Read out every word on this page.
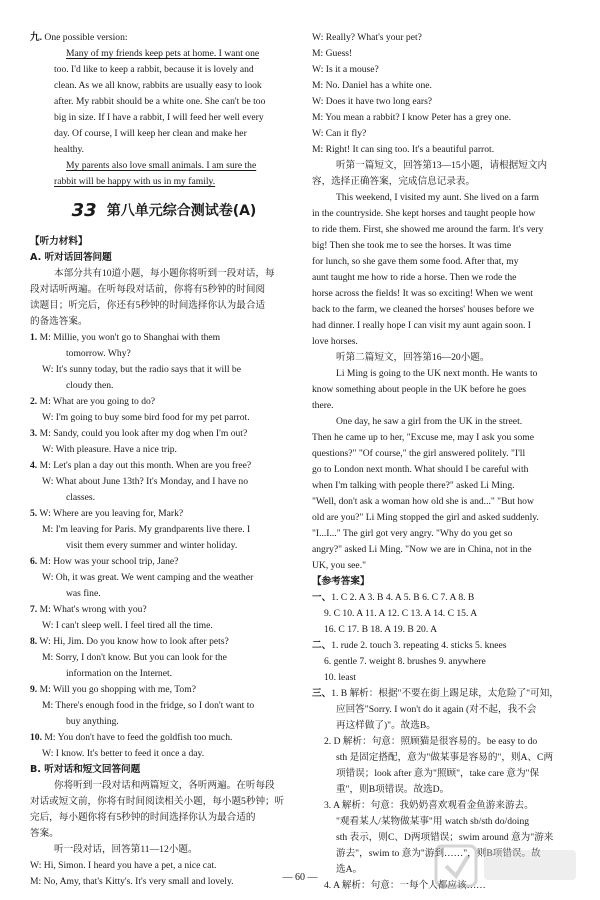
九. One possible version:
Many of my friends keep pets at home. I want one
too. I'd like to keep a rabbit, because it is lovely and
clean. As we all know, rabbits are usually easy to look
after. My rabbit should be a white one. She can't be too
big in size. If I have a rabbit, I will feed her well every
day. Of course, I will keep her clean and make her
healthy.
My parents also love small animals. I am sure the
rabbit will be happy with us in my family.
33 第八单元综合测试卷(A)
【听力材料】
A. 听对话回答问题
本部分共有10道小题，每小题你将听到一段对话，每
段对话听两遍。在听每段对话前，你将有5秒钟的时间阅
读题目；听完后，你还有5秒钟的时间选择你认为最合适
的备选答案。
1. M: Millie, you won't go to Shanghai with them
tomorrow. Why?
W: It's sunny today, but the radio says that it will be
cloudy then.
2. M: What are you going to do?
W: I'm going to buy some bird food for my pet parrot.
3. M: Sandy, could you look after my dog when I'm out?
W: With pleasure. Have a nice trip.
4. M: Let's plan a day out this month. When are you free?
W: What about June 13th? It's Monday, and I have no
classes.
5. W: Where are you leaving for, Mark?
M: I'm leaving for Paris. My grandparents live there. I
visit them every summer and winter holiday.
6. M: How was your school trip, Jane?
W: Oh, it was great. We went camping and the weather
was fine.
7. M: What's wrong with you?
W: I can't sleep well. I feel tired all the time.
8. W: Hi, Jim. Do you know how to look after pets?
M: Sorry, I don't know. But you can look for the
information on the Internet.
9. M: Will you go shopping with me, Tom?
M: There's enough food in the fridge, so I don't want to
buy anything.
10. M: You don't have to feed the goldfish too much.
W: I know. It's better to feed it once a day.
B. 听对话和短文回答问题
你将听到一段对话和两篇短文，各听两遍。在听每段
对话或短文前，你将有时间阅读相关小题，每小题5秒钟；听
完后，每小题你将有5秒钟的时间选择你认为最合适的
答案。
听一段对话，回答第11—12小题。
W: Hi, Simon. I heard you have a pet, a nice cat.
M: No, Amy, that's Kitty's. It's very small and lovely.
W: Really? What's your pet?
M: Guess!
W: Is it a mouse?
M: No. Daniel has a white one.
W: Does it have two long ears?
M: You mean a rabbit? I know Peter has a grey one.
W: Can it fly?
M: Right! It can sing too. It's a beautiful parrot.
听第一篇短文，回答第13—15小题，请根据短文内
容，选择正确答案，完成信息记录表。
This weekend, I visited my aunt. She lived on a farm
in the countryside. She kept horses and taught people how
to ride them. First, she showed me around the farm. It's very
big! Then she took me to see the horses. It was time
for lunch, so she gave them some food. After that, my
aunt taught me how to ride a horse. Then we rode the
horse across the fields! It was so exciting! When we went
back to the farm, we cleaned the horses' houses before we
had dinner. I really hope I can visit my aunt again soon. I
love horses.
听第二篇短文，回答第16—20小题。
Li Ming is going to the UK next month. He wants to
know something about people in the UK before he goes
there.
One day, he saw a girl from the UK in the street.
Then he came up to her, "Excuse me, may I ask you some
questions?" "Of course," the girl answered politely. "I'll
go to London next month. What should I be careful with
when I'm talking with people there?" asked Li Ming.
"Well, don't ask a woman how old she is and..." "But how
old are you?" Li Ming stopped the girl and asked suddenly.
"I...I..." The girl got very angry. "Why do you get so
angry?" asked Li Ming. "Now we are in China, not in the
UK, you see."
【参考答案】
一、1. C 2. A 3. B 4. A 5. B 6. C 7. A 8. B
9. C 10. A 11. A 12. C 13. A 14. C 15. A
16. C 17. B 18. A 19. B 20. A
二、1. rude 2. touch 3. repeating 4. sticks 5. knees
6. gentle 7. weight 8. brushes 9. anywhere
10. least
三、1. B 解析：根据"不要在街上踢足球，太危险了"可知，
应回答"Sorry. I won't do it again (对不起，我不会
再这样做了)"。故选B。
2. D 解析：句意：照顾猫是很容易的。be easy to do
sth 是固定搭配，意为"做某事是容易的"，则A、C两
项错误；look after 意为"照顾"，take care 意为"保
重"，则B项错误。故选D。
3. A 解析：句意：我奶奶喜欢观看金鱼游来游去。
"观看某人/某物做某事"用 watch sb/sth do/doing
sth 表示，则C、D两项错误；swim around 意为"游来
游去"，swim to 意为"游到……"，则B项错误。故
选A。
4. A 解析：句意：一每个人都应该……
— 60 —
